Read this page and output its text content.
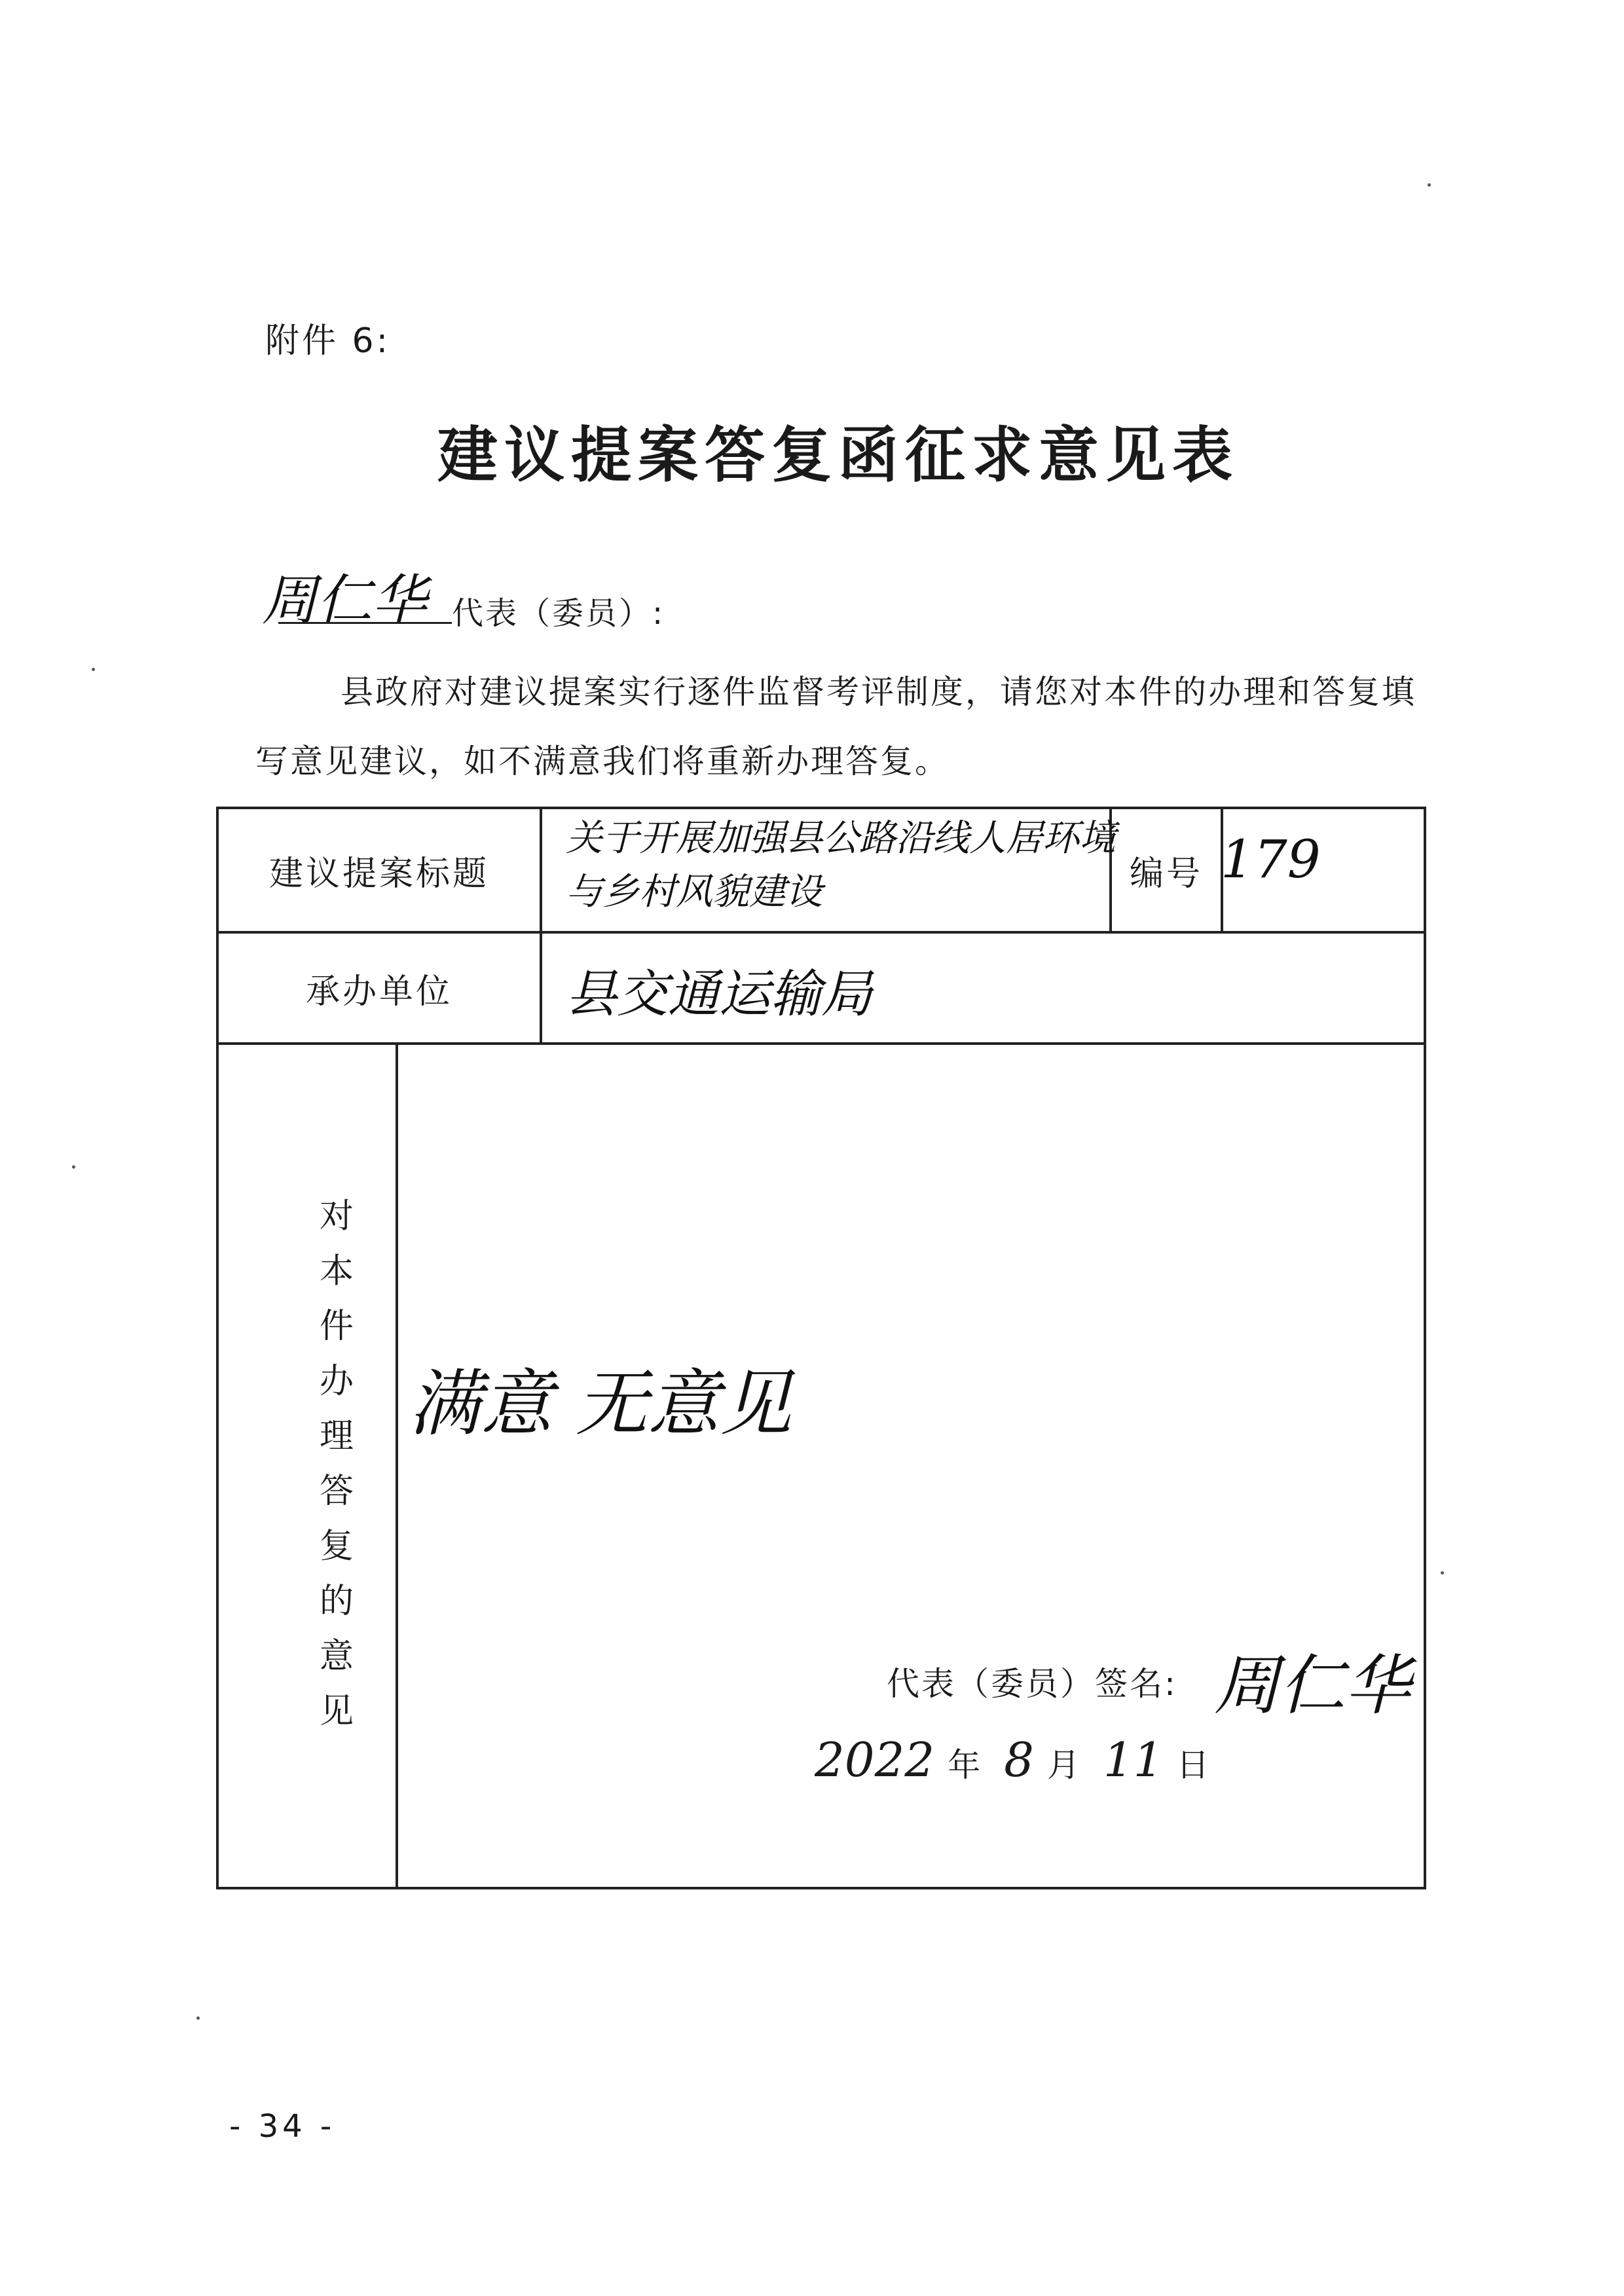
附件 6:
建议提案答复函征求意见表
周仁华 代表（委员）:
县政府对建议提案实行逐件监督考评制度，请您对本件的办理和答复填写意见建议，如不满意我们将重新办理答复。
建议提案标题
关于开展加强县公路沿线人居环境与乡村风貌建设	编号 179
承办单位	县交通运输局
对本件办理答复的意见
满意 无意见
代表（委员）签名: 周仁华
2022 年 8 月 11 日
- 34 -
